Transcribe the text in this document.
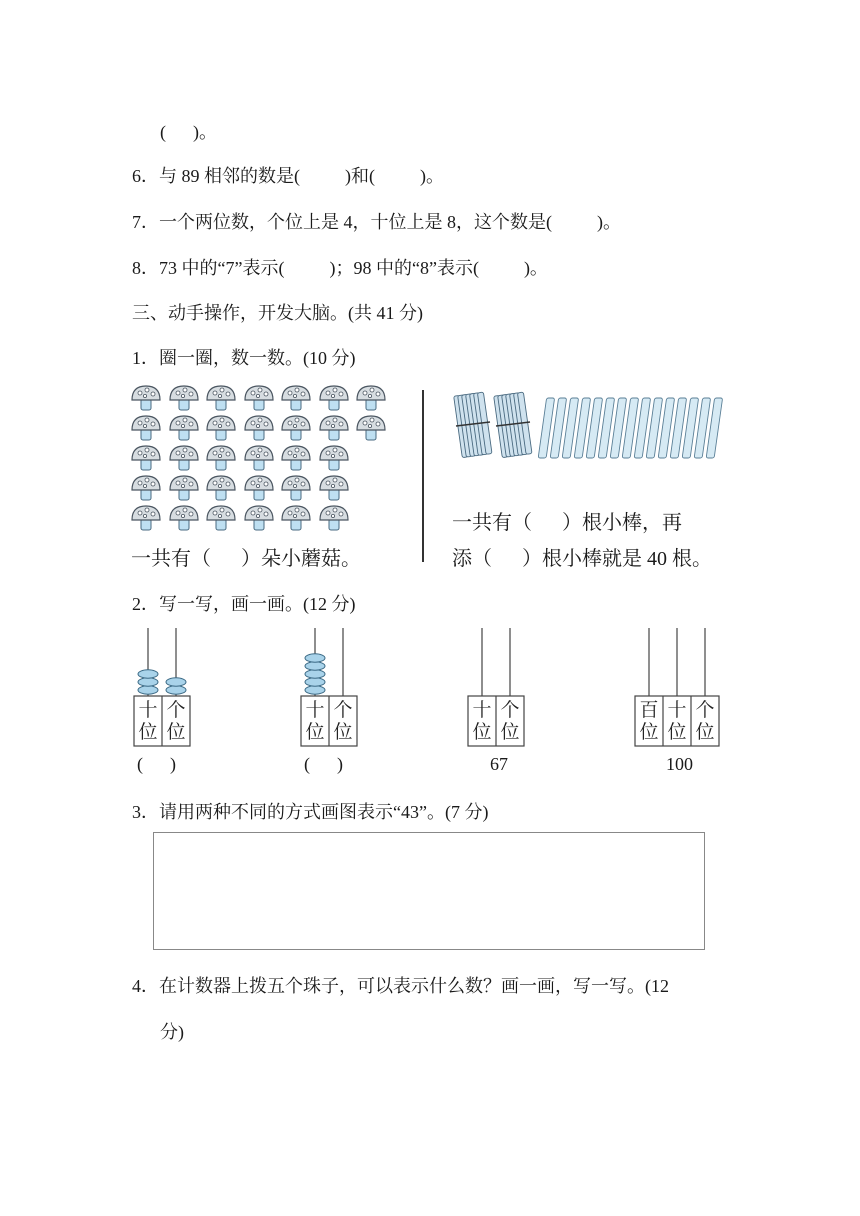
(      )。
6．与 89 相邻的数是(          )和(          )。
7．一个两位数，个位上是 4，十位上是 8，这个数是(          )。
8．73 中的“7”表示(          )；98 中的“8”表示(          )。
三、动手操作，开发大脑。(共 41 分)
1．圈一圈，数一数。(10 分)
一共有（      ）朵小蘑菇。
一共有（      ）根小棒，再
添（      ）根小棒就是 40 根。
2．写一写，画一画。(12 分)
十
位
个
位
十
位
个
位
十
位
个
位
百
位
十
位
个
位
(      )	(      )	67	100
3．请用两种不同的方式画图表示“43”。(7 分)
4．在计数器上拨五个珠子，可以表示什么数？画一画，写一写。(12
分)
